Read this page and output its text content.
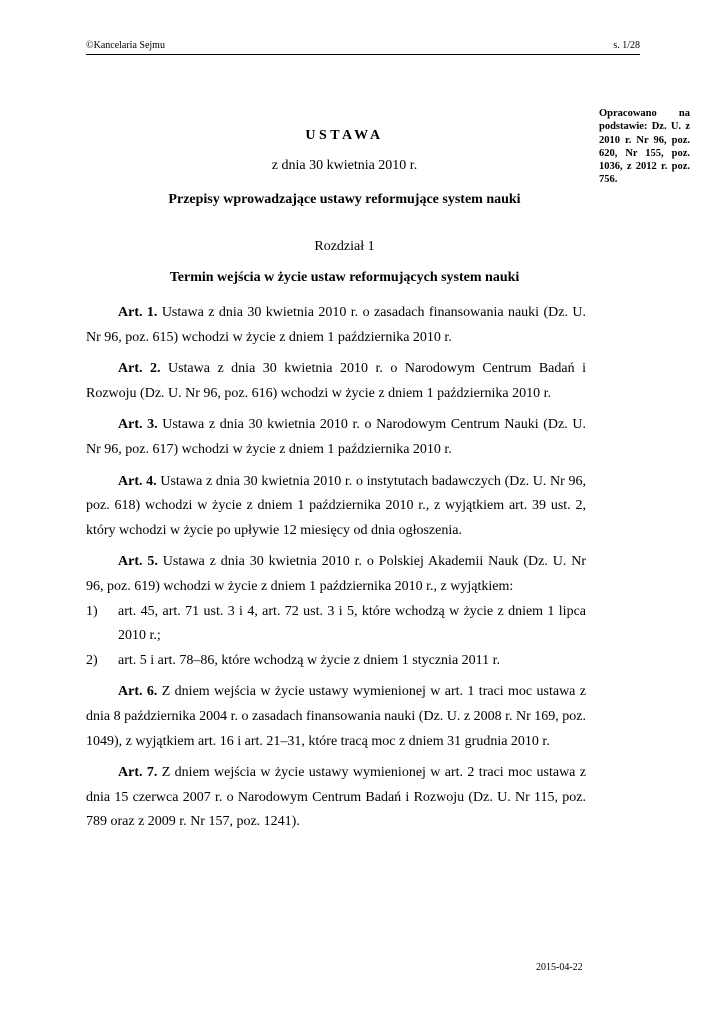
©Kancelaria Sejmu	s. 1/28
Opracowano na podstawie: Dz. U. z 2010 r. Nr 96, poz. 620, Nr 155, poz. 1036, z 2012 r. poz. 756.
USTAWA
z dnia 30 kwietnia 2010 r.
Przepisy wprowadzające ustawy reformujące system nauki
Rozdział 1
Termin wejścia w życie ustaw reformujących system nauki

Art. 1. Ustawa z dnia 30 kwietnia 2010 r. o zasadach finansowania nauki (Dz. U. Nr 96, poz. 615) wchodzi w życie z dniem 1 października 2010 r.

Art. 2. Ustawa z dnia 30 kwietnia 2010 r. o Narodowym Centrum Badań i Rozwoju (Dz. U. Nr 96, poz. 616) wchodzi w życie z dniem 1 października 2010 r.

Art. 3. Ustawa z dnia 30 kwietnia 2010 r. o Narodowym Centrum Nauki (Dz. U. Nr 96, poz. 617) wchodzi w życie z dniem 1 października 2010 r.

Art. 4. Ustawa z dnia 30 kwietnia 2010 r. o instytutach badawczych (Dz. U. Nr 96, poz. 618) wchodzi w życie z dniem 1 października 2010 r., z wyjątkiem art. 39 ust. 2, który wchodzi w życie po upływie 12 miesięcy od dnia ogłoszenia.

Art. 5. Ustawa z dnia 30 kwietnia 2010 r. o Polskiej Akademii Nauk (Dz. U. Nr 96, poz. 619) wchodzi w życie z dniem 1 października 2010 r., z wyjątkiem:

1) art. 45, art. 71 ust. 3 i 4, art. 72 ust. 3 i 5, które wchodzą w życie z dniem 1 lipca 2010 r.;

2) art. 5 i art. 78–86, które wchodzą w życie z dniem 1 stycznia 2011 r.

Art. 6. Z dniem wejścia w życie ustawy wymienionej w art. 1 traci moc ustawa z dnia 8 października 2004 r. o zasadach finansowania nauki (Dz. U. z 2008 r. Nr 169, poz. 1049), z wyjątkiem art. 16 i art. 21–31, które tracą moc z dniem 31 grudnia 2010 r.

Art. 7. Z dniem wejścia w życie ustawy wymienionej w art. 2 traci moc ustawa z dnia 15 czerwca 2007 r. o Narodowym Centrum Badań i Rozwoju (Dz. U. Nr 115, poz. 789 oraz z 2009 r. Nr 157, poz. 1241).

2015-04-22
